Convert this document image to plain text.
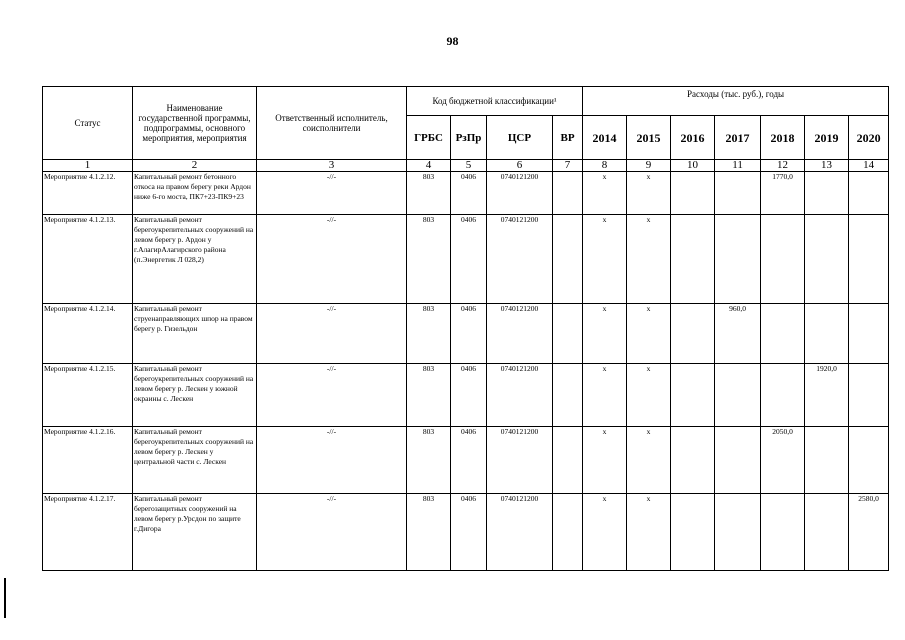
98
Статус	Наименование государственной программы, подпрограммы, основного мероприятия, мероприятия	Ответственный исполнитель, соисполнители	Код бюджетной классификации¹				Расходы (тыс. руб.), годы						
			ГРБС	РзПр	ЦСР	ВР	2014	2015	2016	2017	2018	2019	2020
1	2	3	4	5	6	7	8	9	10	11	12	13	14
Мероприятие 4.1.2.12.	Капитальный ремонт бетонного откоса на правом берегу реки Ардон ниже 6-го моста, ПК7+23-ПК9+23	-//-	803	0406	0740121200		x	x			1770,0		
Мероприятие 4.1.2.13.	Капитальный ремонт берегоукрепительных сооружений на левом берегу р. Ардон у г.АлагирАлагирского района (п.Энергетик Л 028,2)	-//-	803	0406	0740121200		x	x					
Мероприятие 4.1.2.14.	Капитальный ремонт струенаправляющих шпор на правом берегу р. Гизельдон	-//-	803	0406	0740121200		x	x		960,0			
Мероприятие 4.1.2.15.	Капитальный ремонт берегоукрепительных сооружений на левом берегу р. Лескен у южной окраины с. Лескен	-//-	803	0406	0740121200		x	x				1920,0	
Мероприятие 4.1.2.16.	Капитальный ремонт берегоукрепительных сооружений на левом берегу р. Лескен у центральной части с. Лескен	-//-	803	0406	0740121200		x	x			2050,0		
Мероприятие 4.1.2.17.	Капитальный ремонт берегозащитных сооружений на левом берегу р.Урсдон по защите г.Дигора	-//-	803	0406	0740121200		x	x					2580,0
